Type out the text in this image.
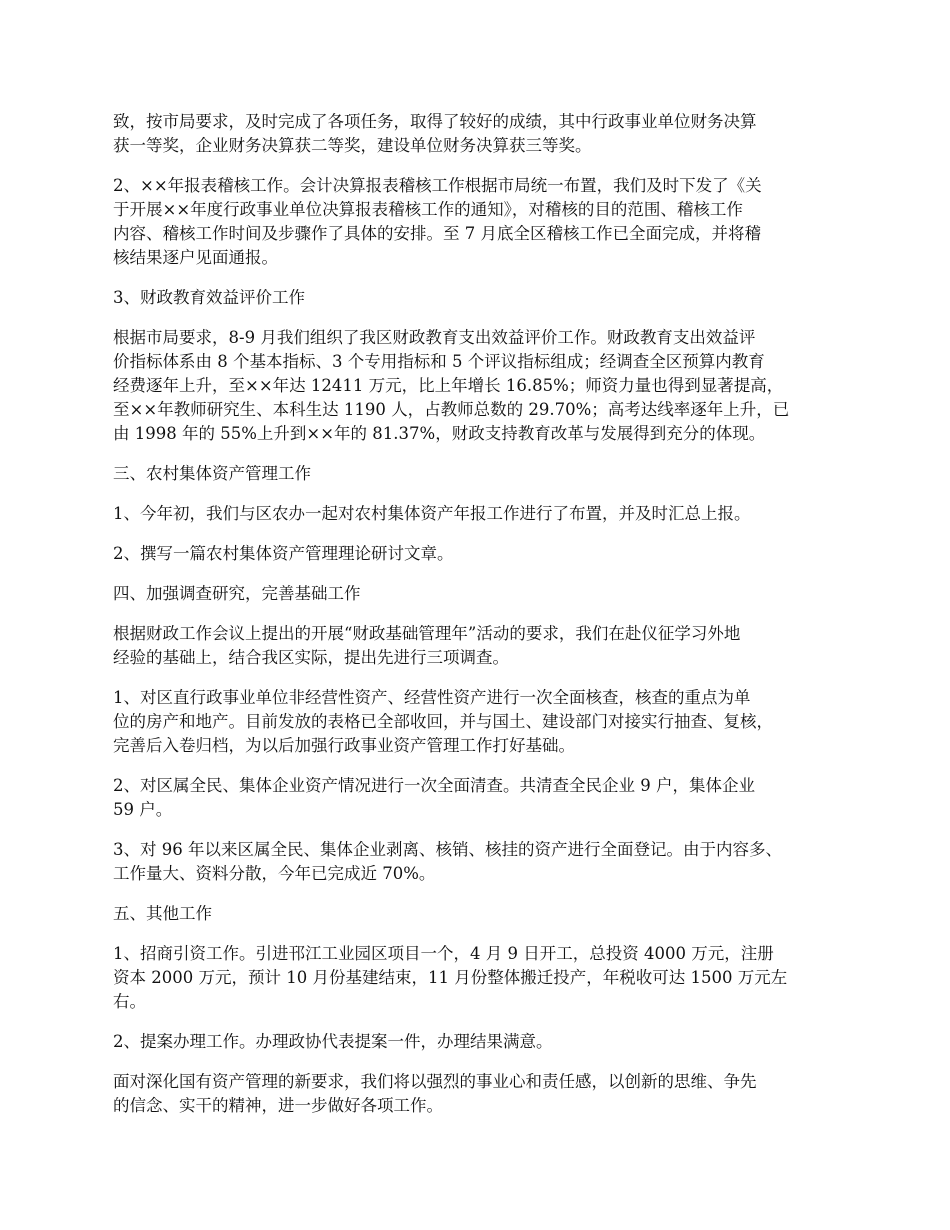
致，按市局要求，及时完成了各项任务，取得了较好的成绩，其中行政事业单位财务决算
获一等奖，企业财务决算获二等奖，建设单位财务决算获三等奖。

2、××年报表稽核工作。会计决算报表稽核工作根据市局统一布置，我们及时下发了《关
于开展××年度行政事业单位决算报表稽核工作的通知》，对稽核的目的范围、稽核工作
内容、稽核工作时间及步骤作了具体的安排。至 7 月底全区稽核工作已全面完成，并将稽
核结果逐户见面通报。

3、财政教育效益评价工作

根据市局要求，8-9 月我们组织了我区财政教育支出效益评价工作。财政教育支出效益评
价指标体系由 8 个基本指标、3 个专用指标和 5 个评议指标组成；经调查全区预算内教育
经费逐年上升，至××年达 12411 万元，比上年增长 16.85%；师资力量也得到显著提高，
至××年教师研究生、本科生达 1190 人，占教师总数的 29.70%；高考达线率逐年上升，已
由 1998 年的 55%上升到××年的 81.37%，财政支持教育改革与发展得到充分的体现。

三、农村集体资产管理工作

1、今年初，我们与区农办一起对农村集体资产年报工作进行了布置，并及时汇总上报。

2、撰写一篇农村集体资产管理理论研讨文章。

四、加强调查研究，完善基础工作

根据财政工作会议上提出的开展“财政基础管理年”活动的要求，我们在赴仪征学习外地
经验的基础上，结合我区实际，提出先进行三项调查。

1、对区直行政事业单位非经营性资产、经营性资产进行一次全面核查，核查的重点为单
位的房产和地产。目前发放的表格已全部收回，并与国土、建设部门对接实行抽查、复核，
完善后入卷归档，为以后加强行政事业资产管理工作打好基础。

2、对区属全民、集体企业资产情况进行一次全面清查。共清查全民企业 9 户，集体企业
59 户。

3、对 96 年以来区属全民、集体企业剥离、核销、核挂的资产进行全面登记。由于内容多、
工作量大、资料分散，今年已完成近 70%。

五、其他工作

1、招商引资工作。引进邗江工业园区项目一个，4 月 9 日开工，总投资 4000 万元，注册
资本 2000 万元，预计 10 月份基建结束，11 月份整体搬迁投产，年税收可达 1500 万元左
右。

2、提案办理工作。办理政协代表提案一件，办理结果满意。

面对深化国有资产管理的新要求，我们将以强烈的事业心和责任感，以创新的思维、争先
的信念、实干的精神，进一步做好各项工作。
